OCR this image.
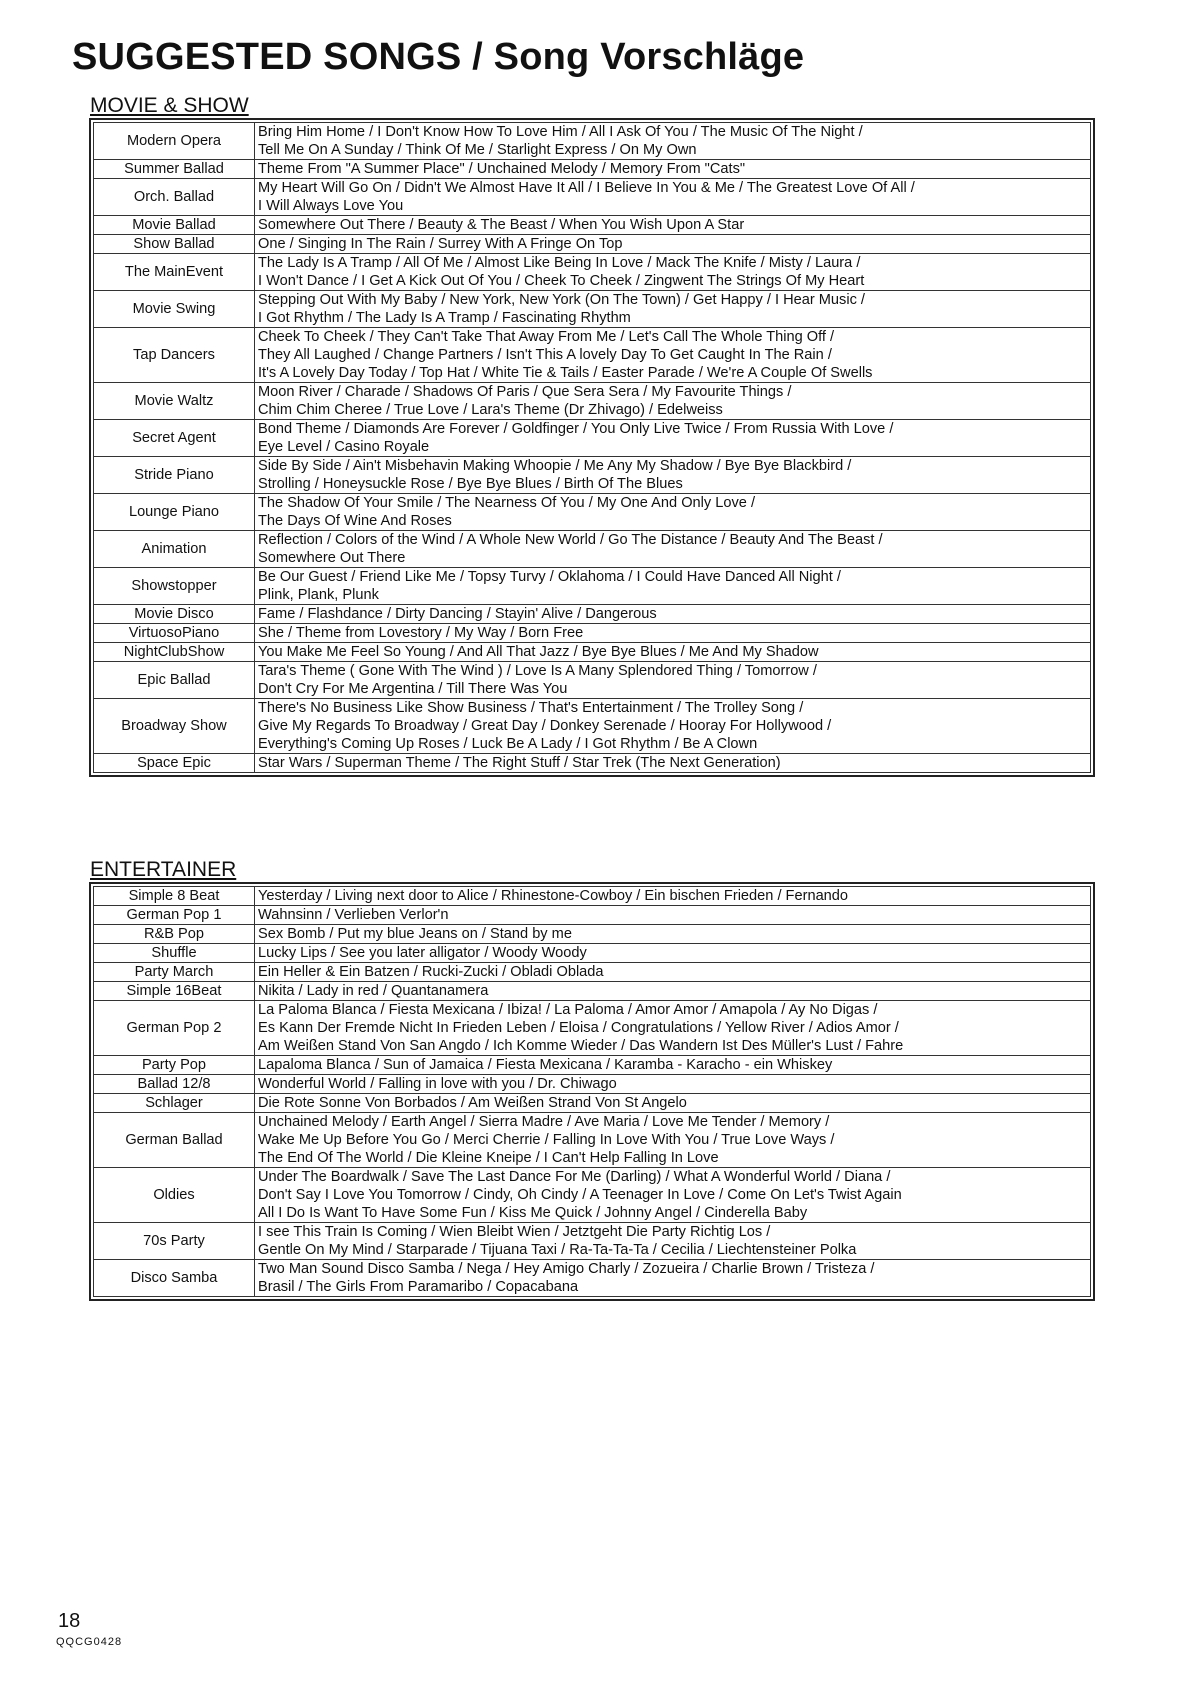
SUGGESTED SONGS / Song Vorschläge
MOVIE & SHOW
Modern Opera	Bring Him Home / I Don't Know How To Love Him / All I Ask Of You / The Music Of The Night /
Tell Me On A Sunday / Think Of Me / Starlight Express / On My Own

Summer Ballad	Theme From "A Summer Place" / Unchained Melody / Memory From "Cats"

Orch. Ballad	My Heart Will Go On / Didn't We Almost Have It All / I Believe In You & Me / The Greatest Love Of All /
I Will Always Love You

Movie Ballad	Somewhere Out There / Beauty & The Beast / When You Wish Upon A Star

Show Ballad	One / Singing In The Rain / Surrey With A Fringe On Top

The MainEvent	The Lady Is A Tramp / All Of Me / Almost Like Being In Love / Mack The Knife / Misty / Laura /
I Won't Dance / I Get A Kick Out Of You / Cheek To Cheek / Zingwent The Strings Of My Heart

Movie Swing	Stepping Out With My Baby / New York, New York (On The Town) / Get Happy / I Hear Music /
I Got Rhythm / The Lady Is A Tramp / Fascinating Rhythm

Tap Dancers	Cheek To Cheek / They Can't Take That Away From Me / Let's Call The Whole Thing Off /
They All Laughed / Change Partners / Isn't This A lovely Day To Get Caught In The Rain /
It's A Lovely Day Today / Top Hat / White Tie & Tails / Easter Parade / We're A Couple Of Swells

Movie Waltz	Moon River / Charade / Shadows Of Paris / Que Sera Sera / My Favourite Things /
Chim Chim Cheree / True Love / Lara's Theme (Dr Zhivago) / Edelweiss

Secret Agent	Bond Theme / Diamonds Are Forever / Goldfinger / You Only Live Twice / From Russia With Love /
Eye Level / Casino Royale

Stride Piano	Side By Side / Ain't Misbehavin Making Whoopie / Me Any My Shadow / Bye Bye Blackbird /
Strolling / Honeysuckle Rose / Bye Bye Blues / Birth Of The Blues

Lounge Piano	The Shadow Of Your Smile / The Nearness Of You / My One And Only Love /
The Days Of Wine And Roses

Animation	Reflection / Colors of the Wind / A Whole New World / Go The Distance / Beauty And The Beast /
Somewhere Out There

Showstopper	Be Our Guest / Friend Like Me / Topsy Turvy / Oklahoma / I Could Have Danced All Night /
Plink, Plank, Plunk

Movie Disco	Fame / Flashdance / Dirty Dancing / Stayin' Alive / Dangerous

VirtuosoPiano	She / Theme from Lovestory / My Way / Born Free

NightClubShow	You Make Me Feel So Young / And All That Jazz / Bye Bye Blues / Me And My Shadow

Epic Ballad	Tara's Theme ( Gone With The Wind ) / Love Is A Many Splendored Thing / Tomorrow /
Don't Cry For Me Argentina / Till There Was You

Broadway Show	There's No Business Like Show Business / That's Entertainment / The Trolley Song /
Give My Regards To Broadway / Great Day / Donkey Serenade / Hooray For Hollywood /
Everything's Coming Up Roses / Luck Be A Lady / I Got Rhythm / Be A Clown

Space Epic	Star Wars / Superman Theme / The Right Stuff / Star Trek (The Next Generation)
ENTERTAINER
Simple 8 Beat	Yesterday / Living next door to Alice / Rhinestone-Cowboy / Ein bischen Frieden / Fernando

German Pop 1	Wahnsinn / Verlieben Verlor'n

R&B Pop	Sex Bomb / Put my blue Jeans on / Stand by me

Shuffle	Lucky Lips / See you later alligator / Woody Woody

Party March	Ein Heller & Ein Batzen / Rucki-Zucki / Obladi Oblada

Simple 16Beat	Nikita / Lady in red / Quantanamera

German Pop 2	La Paloma Blanca / Fiesta Mexicana / Ibiza! / La Paloma / Amor Amor / Amapola / Ay No Digas /
Es Kann Der Fremde Nicht In Frieden Leben / Eloisa / Congratulations / Yellow River / Adios Amor /
Am Weißen Stand Von San Angdo / Ich Komme Wieder / Das Wandern Ist Des Müller's Lust / Fahre

Party Pop	Lapaloma Blanca / Sun of Jamaica / Fiesta Mexicana / Karamba - Karacho - ein Whiskey

Ballad 12/8	Wonderful World / Falling in love with you / Dr. Chiwago

Schlager	Die Rote Sonne Von Borbados / Am Weißen Strand Von St Angelo

German Ballad	Unchained Melody / Earth Angel / Sierra Madre / Ave Maria / Love Me Tender / Memory /
Wake Me Up Before You Go / Merci Cherrie / Falling In Love With You / True Love Ways /
The End Of The World / Die Kleine Kneipe / I Can't Help Falling In Love

Oldies	Under The Boardwalk / Save The Last Dance For Me (Darling) / What A Wonderful World / Diana /
Don't Say I Love You Tomorrow / Cindy, Oh Cindy / A Teenager In Love / Come On Let's Twist Again
All I Do Is Want To Have Some Fun / Kiss Me Quick / Johnny Angel / Cinderella Baby

70s Party	I see This Train Is Coming / Wien Bleibt Wien / Jetztgeht Die Party Richtig Los /
Gentle On My Mind / Starparade / Tijuana Taxi / Ra-Ta-Ta-Ta / Cecilia / Liechtensteiner Polka

Disco Samba	Two Man Sound Disco Samba / Nega / Hey Amigo Charly / Zozueira / Charlie Brown / Tristeza /
Brasil / The Girls From Paramaribo / Copacabana

18

QQCG0428
